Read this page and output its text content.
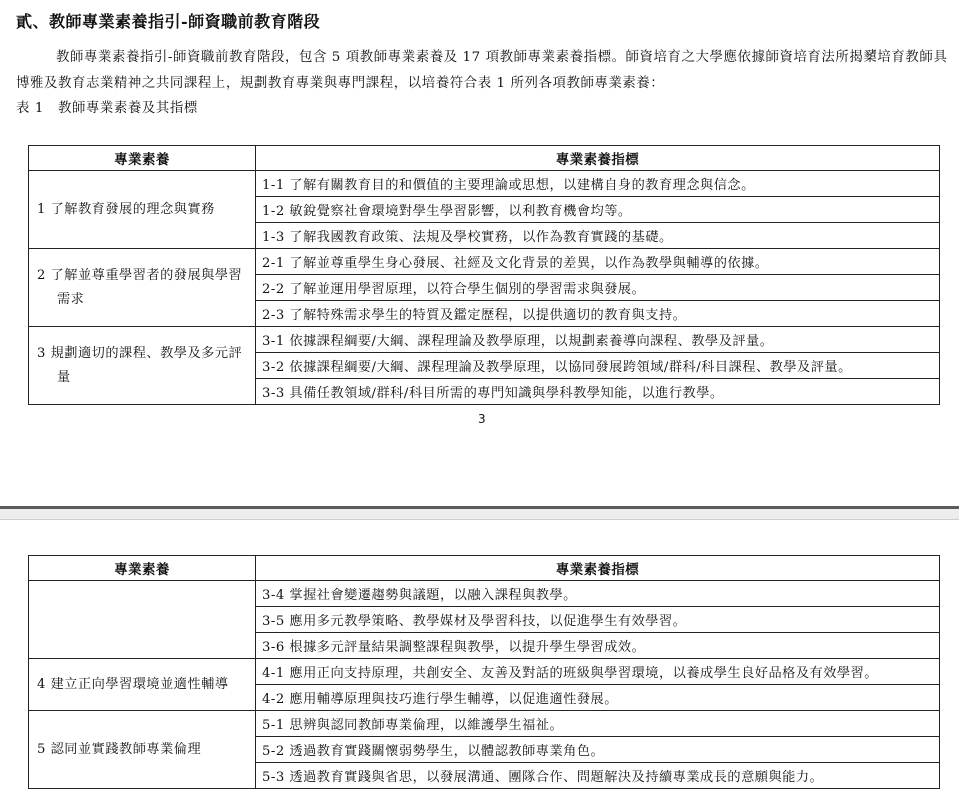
貳、教師專業素養指引-師資職前教育階段

教師專業素養指引-師資職前教育階段，包含 5 項教師專業素養及 17 項教師專業素養指標。師資培育之大學應依據師資培育法所揭櫫培育教師具博雅及教育志業精神之共同課程上，規劃教育專業與專門課程，以培養符合表 1 所列各項教師專業素養：

表 1　教師專業素養及其指標
專業素養	專業素養指標
1 了解教育發展的理念與實務	1-1 了解有關教育目的和價值的主要理論或思想，以建構自身的教育理念與信念。
	1-2 敏銳覺察社會環境對學生學習影響，以利教育機會均等。
	1-3 了解我國教育政策、法規及學校實務，以作為教育實踐的基礎。

2 了解並尊重學習者的發展與學習需求	2-1 了解並尊重學生身心發展、社經及文化背景的差異，以作為教學與輔導的依據。
	2-2 了解並運用學習原理，以符合學生個別的學習需求與發展。
	2-3 了解特殊需求學生的特質及鑑定歷程，以提供適切的教育與支持。

3 規劃適切的課程、教學及多元評量	3-1 依據課程綱要/大綱、課程理論及教學原理，以規劃素養導向課程、教學及評量。
	3-2 依據課程綱要/大綱、課程理論及教學原理，以協同發展跨領域/群科/科目課程、教學及評量。
	3-3 具備任教領域/群科/科目所需的專門知識與學科教學知能，以進行教學。
3
專業素養	專業素養指標
	3-4 掌握社會變遷趨勢與議題，以融入課程與教學。
	3-5 應用多元教學策略、教學媒材及學習科技，以促進學生有效學習。
	3-6 根據多元評量結果調整課程與教學，以提升學生學習成效。
4 建立正向學習環境並適性輔導	4-1 應用正向支持原理，共創安全、友善及對話的班級與學習環境，以養成學生良好品格及有效學習。
	4-2 應用輔導原理與技巧進行學生輔導，以促進適性發展。
5 認同並實踐教師專業倫理	5-1 思辨與認同教師專業倫理，以維護學生福祉。
	5-2 透過教育實踐關懷弱勢學生，以體認教師專業角色。
	5-3 透過教育實踐與省思，以發展溝通、團隊合作、問題解決及持續專業成長的意願與能力。
